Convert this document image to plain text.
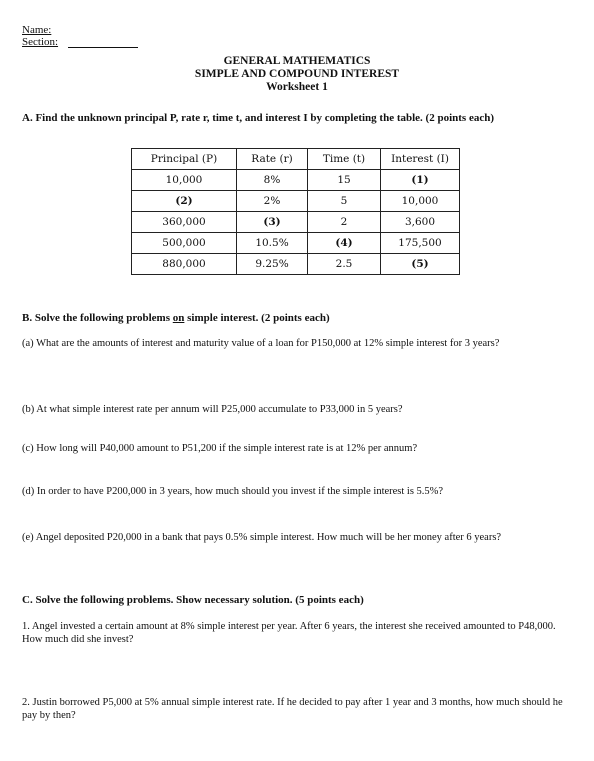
Name:
Section:
GENERAL MATHEMATICS
SIMPLE AND COMPOUND INTEREST
Worksheet 1
A. Find the unknown principal P, rate r, time t, and interest I by completing the table. (2 points each)
Principal (P)	Rate (r)	Time (t)	Interest (I)
10,000	8%	15	(1)
(2)	2%	5	10,000
360,000	(3)	2	3,600
500,000	10.5%	(4)	175,500
880,000	9.25%	2.5	(5)
B. Solve the following problems on simple interest. (2 points each)
(a) What are the amounts of interest and maturity value of a loan for P150,000 at 12% simple interest for 3 years?
(b) At what simple interest rate per annum will P25,000 accumulate to P33,000 in 5 years?
(c) How long will P40,000 amount to P51,200 if the simple interest rate is at 12% per annum?
(d) In order to have P200,000 in 3 years, how much should you invest if the simple interest is 5.5%?
(e) Angel deposited P20,000 in a bank that pays 0.5% simple interest. How much will be her money after 6 years?
C. Solve the following problems. Show necessary solution. (5 points each)
1. Angel invested a certain amount at 8% simple interest per year. After 6 years, the interest she received amounted to P48,000. How much did she invest?
2. Justin borrowed P5,000 at 5% annual simple interest rate. If he decided to pay after 1 year and 3 months, how much should he pay by then?
